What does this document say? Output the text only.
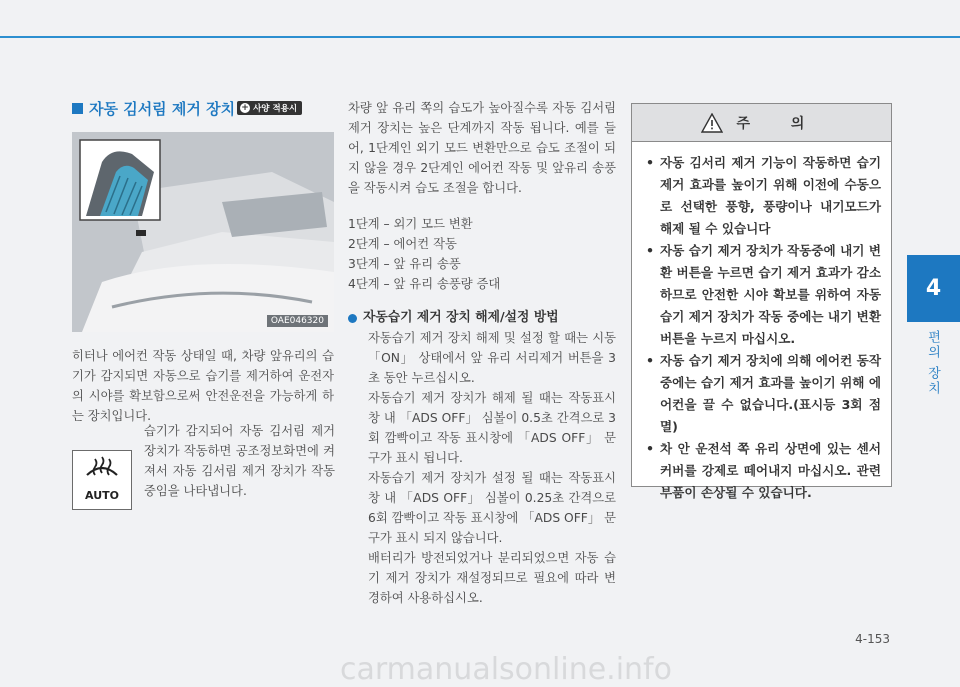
4
편의 장치
자동 김서림 제거 장치 + 사양 적용시
OAE046320
히터나 에어컨 작동 상태일 때, 차량 앞유리의 습기가 감지되면 자동으로 습기를 제거하여 운전자의 시야를 확보함으로써 안전운전을 가능하게 하는 장치입니다.
AUTO
습기가 감지되어 자동 김서림 제거 장치가 작동하면 공조정보화면에 켜져서 자동 김서림 제거 장치가 작동중임을 나타냅니다.

차량 앞 유리 쪽의 습도가 높아질수록 자동 김서림 제거 장치는 높은 단계까지 작동 됩니다. 예를 들어, 1단계인 외기 모드 변환만으로 습도 조절이 되지 않을 경우 2단계인 에어컨 작동 및 앞유리 송풍을 작동시켜 습도 조절을 합니다.

1단계 – 외기 모드 변환
2단계 – 에어컨 작동
3단계 – 앞 유리 송풍
4단계 – 앞 유리 송풍량 증대
자동습기 제거 장치 해제/설정 방법

자동습기 제거 장치 해제 및 설정 할 때는 시동 「ON」 상태에서 앞 유리 서리제거 버튼을 3초 동안 누르십시오.

자동습기 제거 장치가 해제 될 때는 작동표시창 내 「ADS OFF」 심볼이 0.5초 간격으로 3회 깜빡이고 작동 표시창에 「ADS OFF」 문구가 표시 됩니다.

자동습기 제거 장치가 설정 될 때는 작동표시창 내 「ADS OFF」 심볼이 0.25초 간격으로 6회 깜빡이고 작동 표시창에 「ADS OFF」 문구가 표시 되지 않습니다.

배터리가 방전되었거나 분리되었으면 자동 습기 제거 장치가 재설정되므로 필요에 따라 변경하여 사용하십시오.

주 의
• 자동 김서리 제거 기능이 작동하면 습기 제거 효과를 높이기 위해 이전에 수동으로 선택한 풍향, 풍량이나 내기모드가 해제 될 수 있습니다
• 자동 습기 제거 장치가 작동중에 내기 변환 버튼을 누르면 습기 제거 효과가 감소하므로 안전한 시야 확보를 위하여 자동 습기 제거 장치가 작동 중에는 내기 변환 버튼을 누르지 마십시오.
• 자동 습기 제거 장치에 의해 에어컨 동작 중에는 습기 제거 효과를 높이기 위해 에어컨을 끌 수 없습니다.(표시등 3회 점멸)
• 차 안 운전석 쪽 유리 상면에 있는 센서 커버를 강제로 떼어내지 마십시오. 관련 부품이 손상될 수 있습니다.
4-153
carmanualsonline.info
